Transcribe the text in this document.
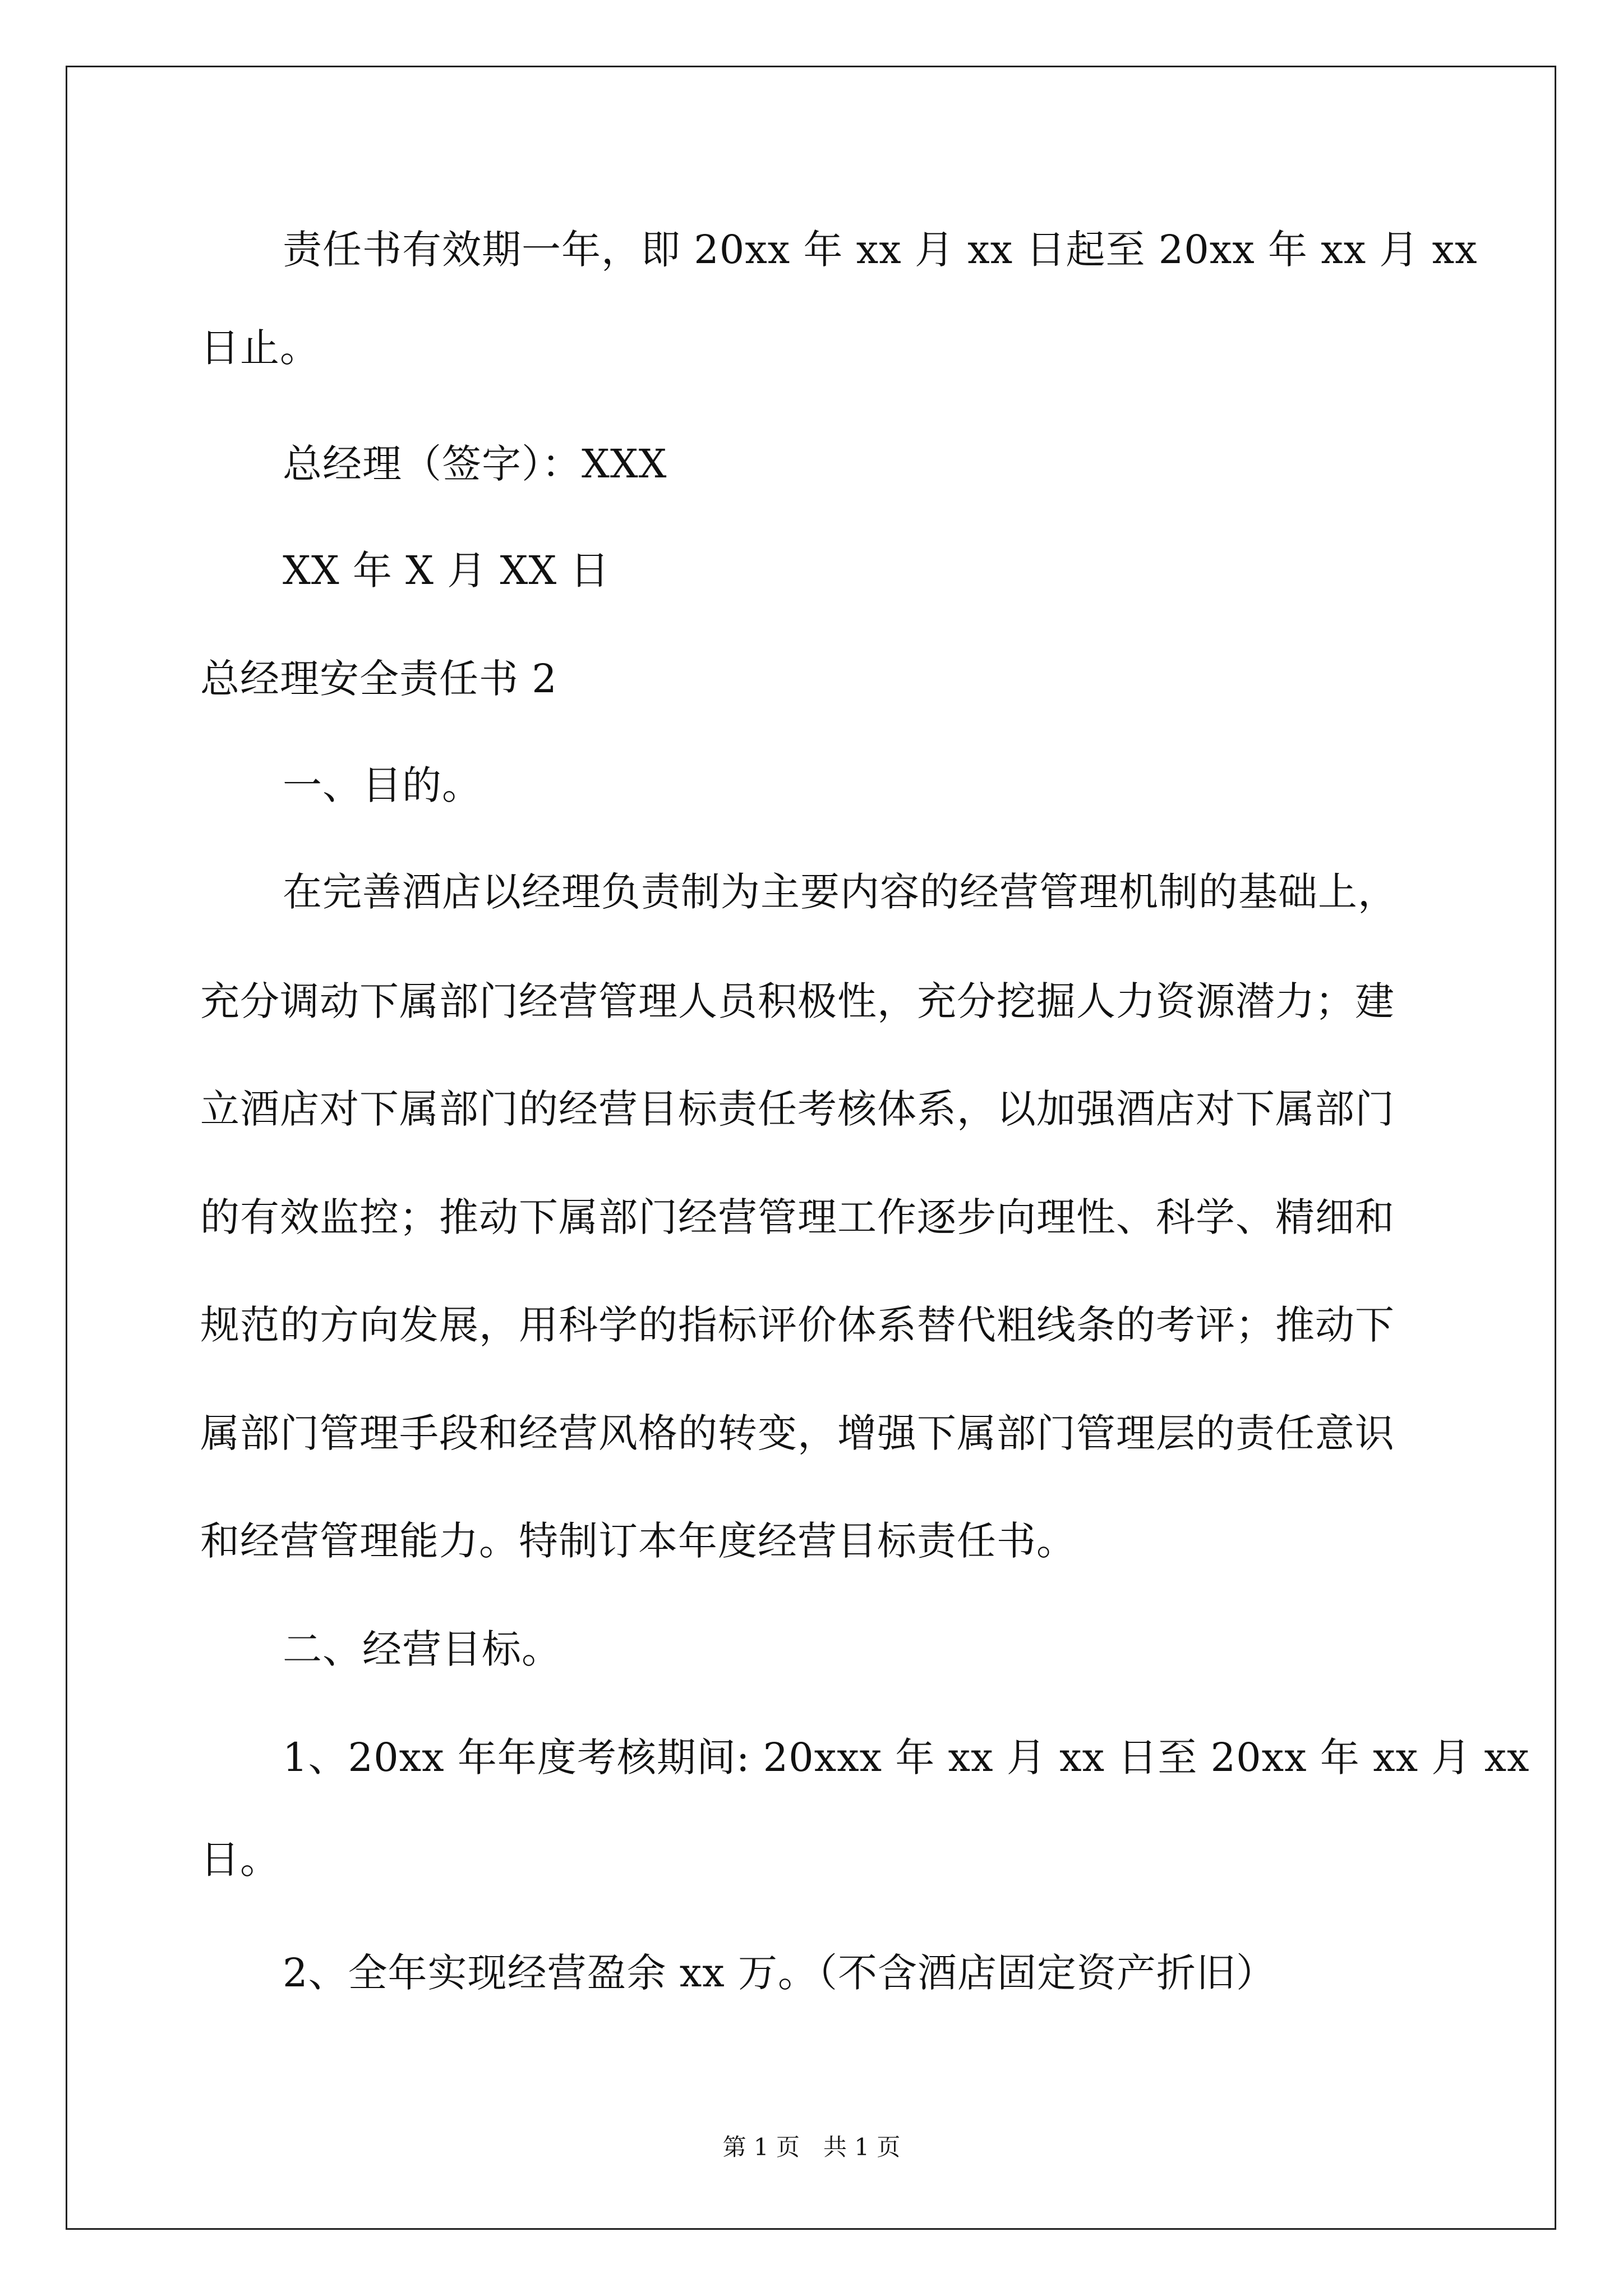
责任书有效期一年，即 20xx 年 xx 月 xx 日起至 20xx 年 xx 月 xx
日止。
总经理（签字）：XXX
XX 年 X 月 XX 日
总经理安全责任书 2
一、目的。
在完善酒店以经理负责制为主要内容的经营管理机制的基础上，
充分调动下属部门经营管理人员积极性，充分挖掘人力资源潜力；建
立酒店对下属部门的经营目标责任考核体系，以加强酒店对下属部门
的有效监控；推动下属部门经营管理工作逐步向理性、科学、精细和
规范的方向发展，用科学的指标评价体系替代粗线条的考评；推动下
属部门管理手段和经营风格的转变，增强下属部门管理层的责任意识
和经营管理能力。特制订本年度经营目标责任书。
二、经营目标。
1、20xx 年年度考核期间: 20xxx 年 xx 月 xx 日至 20xx 年 xx 月 xx
日。
2、全年实现经营盈余 xx 万。（不含酒店固定资产折旧）
第 1 页　共 1 页
